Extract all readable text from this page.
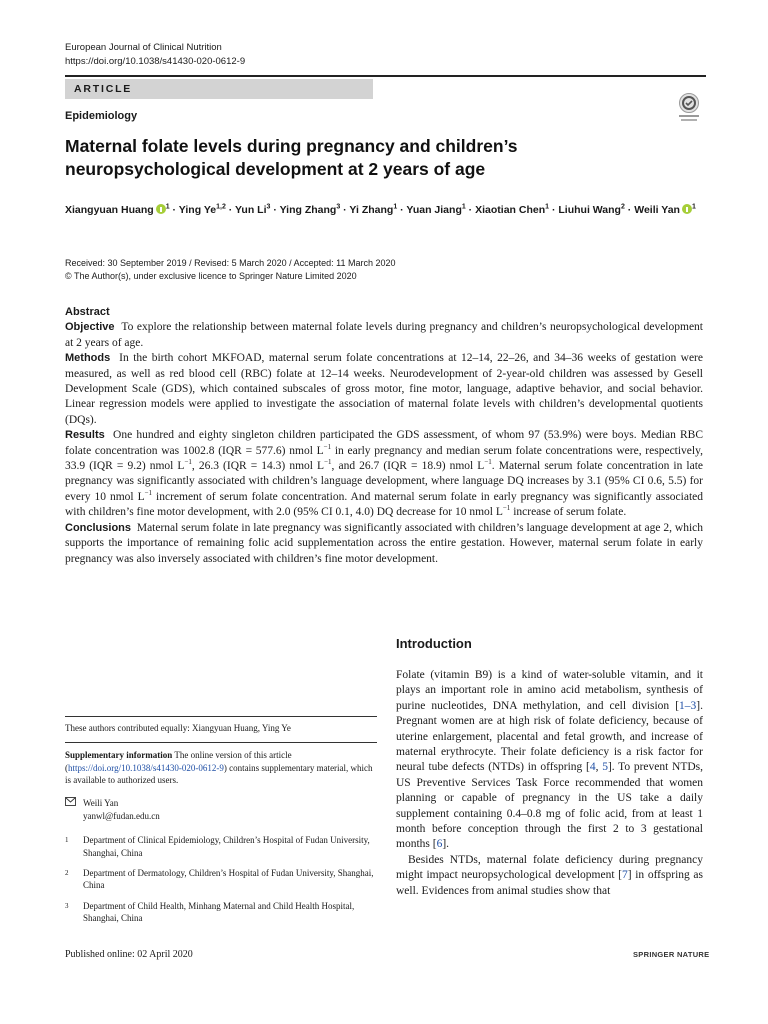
European Journal of Clinical Nutrition
https://doi.org/10.1038/s41430-020-0612-9
ARTICLE
Epidemiology
Maternal folate levels during pregnancy and children’s neuropsychological development at 2 years of age
Xiangyuan Huang $^1$ · Ying Ye$^{1,2}$ · Yun $Li^3$ · Ying Zhang$^3$ · Yi Zhang$^1$ · Yuan Jiang$^1$ · Xiaotian Chen$^1$ · Liuhui Wang$^2$ · Weili Yan $^1$
Received: 30 September 2019 / Revised: 5 March 2020 / Accepted: 11 March 2020
© The Author(s), under exclusive licence to Springer Nature Limited 2020
Abstract

Objective To explore the relationship between maternal folate levels during pregnancy and children’s neuropsychological development at 2 years of age.

Methods In the birth cohort MKFOAD, maternal serum folate concentrations at 12–14, 22–26, and 34–36 weeks of gestation were measured, as well as red blood cell (RBC) folate at 12–14 weeks. Neurodevelopment of 2-year-old children was assessed by Gesell Development Scale (GDS), which contained subscales of gross motor, fine motor, language, adaptive behavior, and social behavior. Linear regression models were applied to investigate the association of maternal folate levels with children’s developmental quotients (DQs).

Results One hundred and eighty singleton children participated the GDS assessment, of whom 97 (53.9%) were boys. Median RBC folate concentration was 1002.8 (IQR = 577.6) nmol $L^{-1}$ in early pregnancy and median serum folate concentrations were, respectively, 33.9 (IQR = 9.2) nmol $L^{-1}$, 26.3 (IQR = 14.3) nmol $L^{-1}$, and 26.7 (IQR = 18.9) nmol $L^{-1}$. Maternal serum folate concentration in late pregnancy was significantly associated with children’s language development, where language DQ increases by 3.1 (95% CI 0.6, 5.5) for every 10 nmol $L^{-1}$ increment of serum folate concentration. And maternal serum folate in early pregnancy was significantly associated with children’s fine motor development, with 2.0 (95% CI 0.1, 4.0) DQ decrease for 10 nmol $L^{-1}$ increase of serum folate.

Conclusions Maternal serum folate in late pregnancy was significantly associated with children’s language development at age 2, which supports the importance of remaining folic acid supplementation across the entire gestation. However, maternal serum folate in early pregnancy was also inversely associated with children’s fine motor development.

Introduction

Folate (vitamin B9) is a kind of water-soluble vitamin, and it plays an important role in amino acid metabolism, synthesis of purine nucleotides, DNA methylation, and cell division [1–3]. Pregnant women are at high risk of folate deficiency, because of uterine enlargement, placental and fetal growth, and increase of maternal erythrocyte. Their folate deficiency is a risk factor for neural tube defects (NTDs) in offspring [4, 5]. To prevent NTDs, US Preventive Services Task Force recommended that women planning or capable of pregnancy in the US take a daily supplement containing 0.4–0.8 mg of folic acid, from at least 1 month before conception through the first 2 to 3 gestational months [6].

Besides NTDs, maternal folate deficiency during pregnancy might impact neuropsychological development [7] in offspring as well. Evidences from animal studies show that

These authors contributed equally: Xiangyuan Huang, Ying Ye
Supplementary information The online version of this article (https://doi.org/10.1038/s41430-020-0612-9) contains supplementary material, which is available to authorized users.
Weili Yan
yanwl@fudan.edu.cn
1	Department of Clinical Epidemiology, Children’s Hospital of Fudan University, Shanghai, China
2	Department of Dermatology, Children’s Hospital of Fudan University, Shanghai, China
3	Department of Child Health, Minhang Maternal and Child Health Hospital, Shanghai, China
Published online: 02 April 2020	SPRINGER NATURE
